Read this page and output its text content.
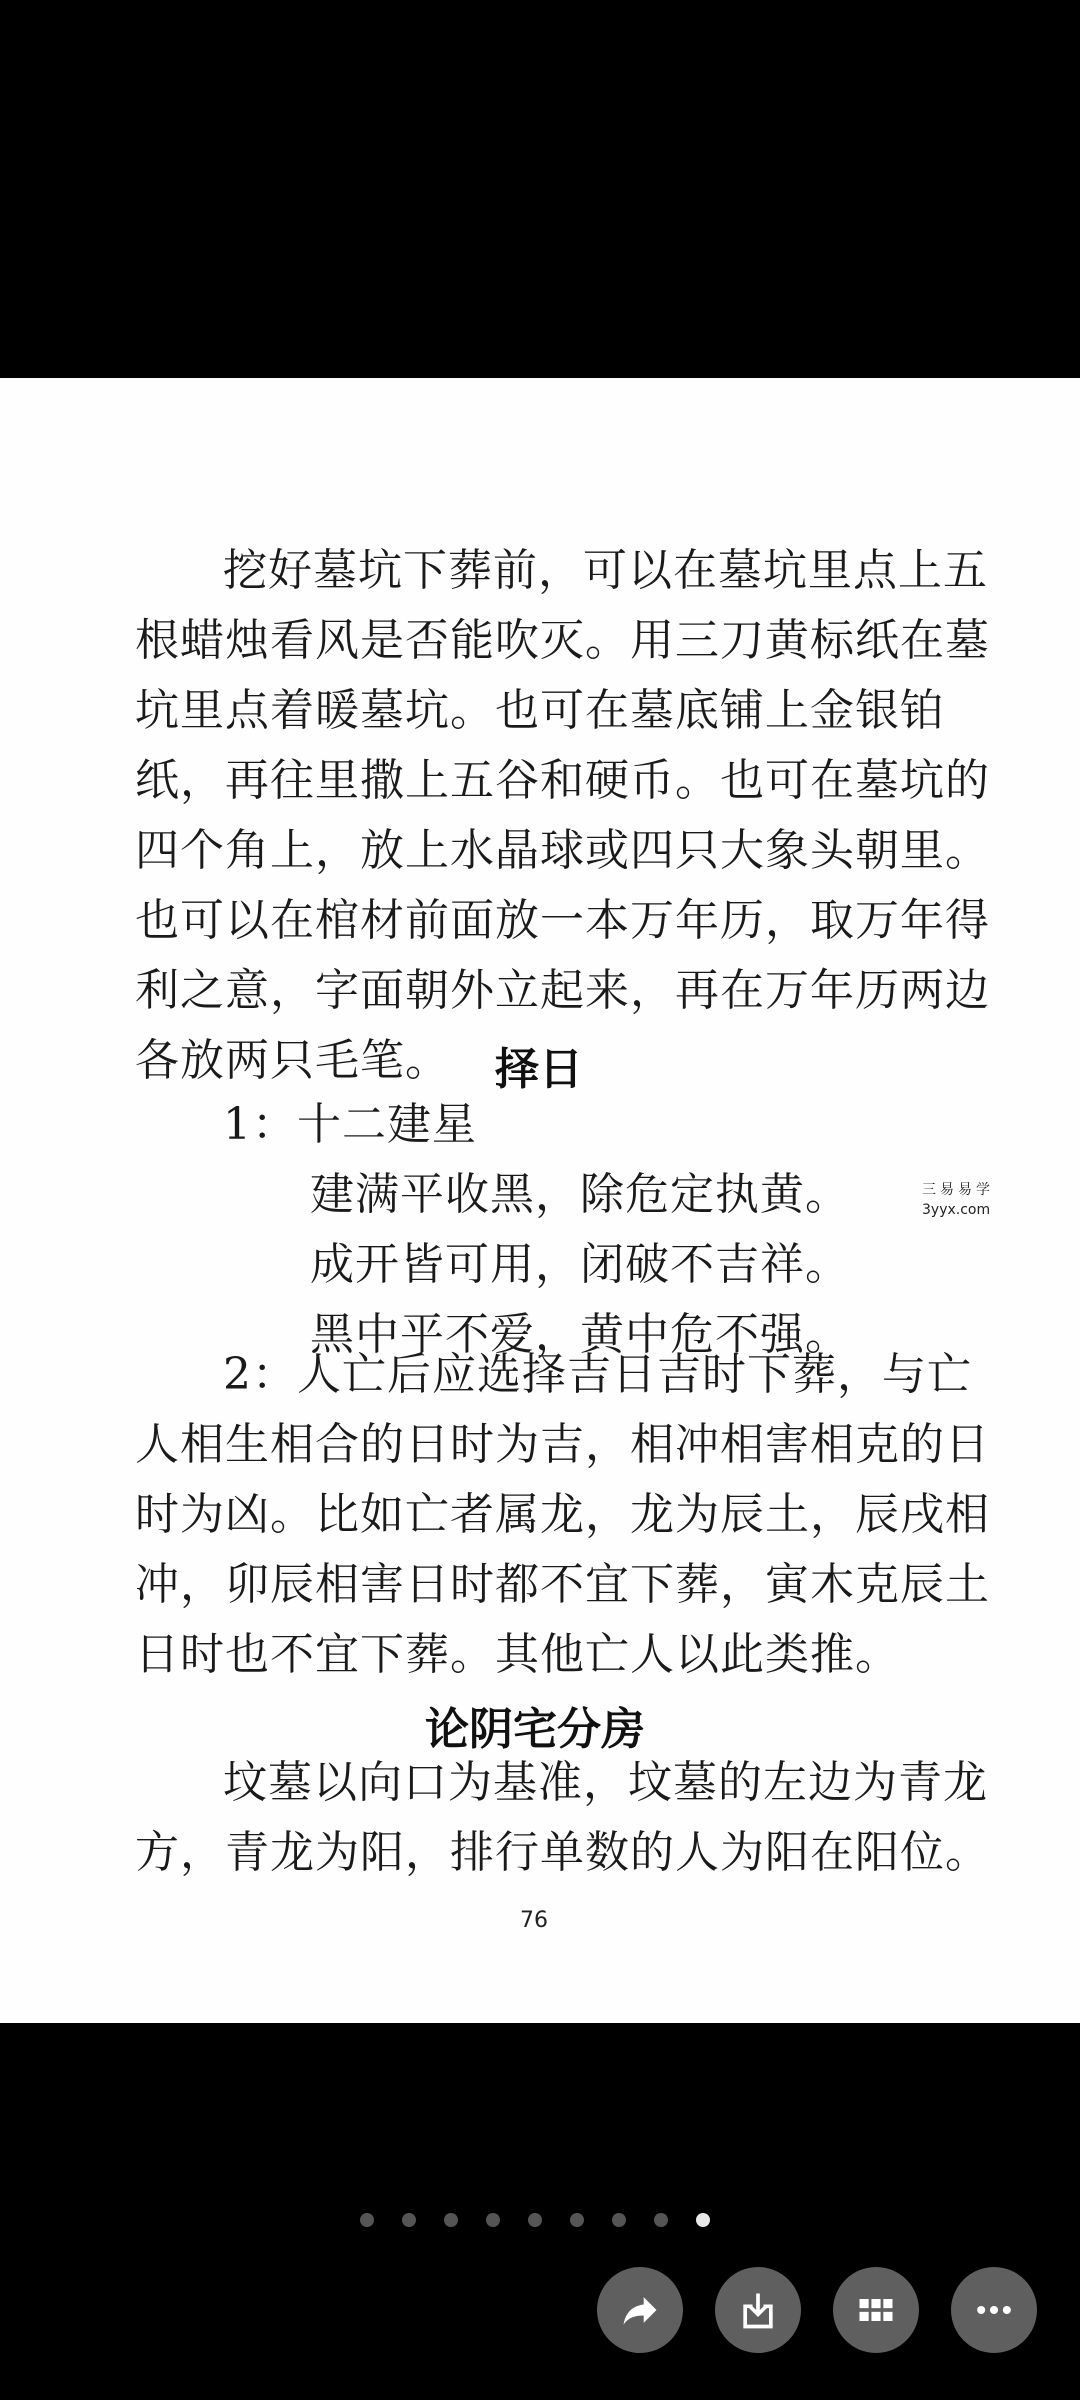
挖好墓坑下葬前，可以在墓坑里点上五
根蜡烛看风是否能吹灭。用三刀黄标纸在墓
坑里点着暖墓坑。也可在墓底铺上金银铂
纸，再往里撒上五谷和硬币。也可在墓坑的
四个角上，放上水晶球或四只大象头朝里。
也可以在棺材前面放一本万年历，取万年得
利之意，字面朝外立起来，再在万年历两边
各放两只毛笔。	择日
1：十二建星
建满平收黑，除危定执黄。
成开皆可用，闭破不吉祥。
黑中平不爱，黄中危不强。
三易易学
3yyx.com
2：人亡后应选择吉日吉时下葬，与亡
人相生相合的日时为吉，相冲相害相克的日
时为凶。比如亡者属龙，龙为辰土，辰戌相
冲，卯辰相害日时都不宜下葬，寅木克辰土
日时也不宜下葬。其他亡人以此类推。
论阴宅分房
坟墓以向口为基准，坟墓的左边为青龙
方，青龙为阳，排行单数的人为阳在阳位。
76
